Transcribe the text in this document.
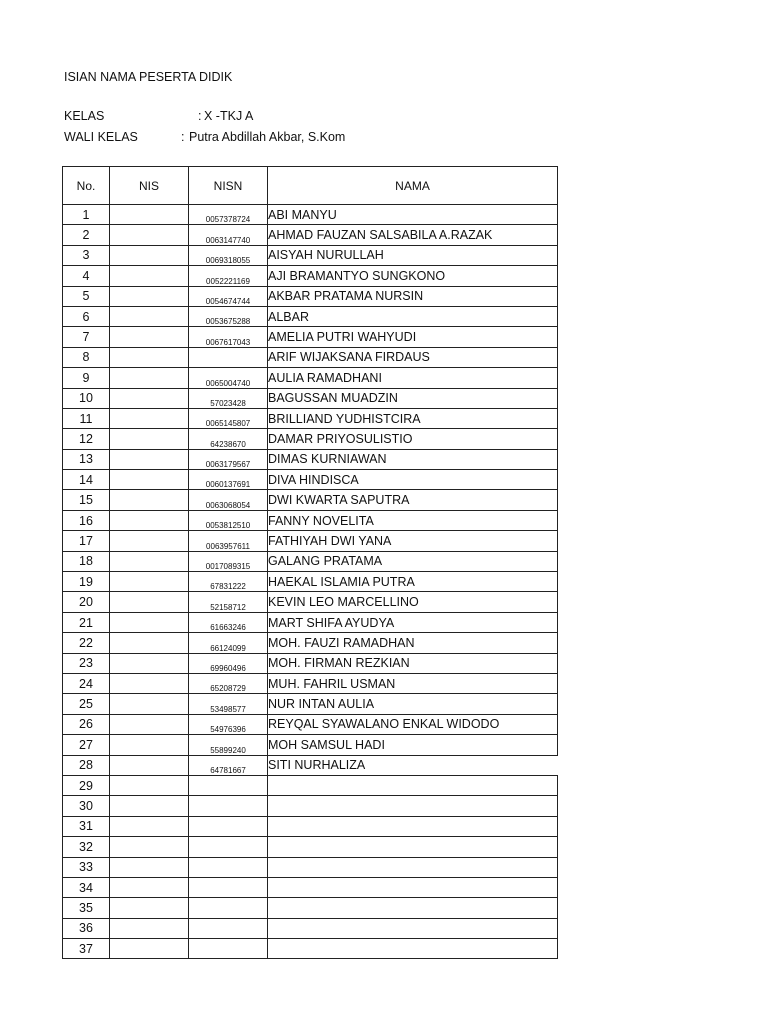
ISIAN NAMA PESERTA DIDIK
KELAS	: X -TKJ A
WALI KELAS	: Putra Abdillah Akbar, S.Kom
No.	NIS	NISN	NAMA
1		0057378724	ABI MANYU
2		0063147740	AHMAD FAUZAN SALSABILA A.RAZAK
3		0069318055	AISYAH NURULLAH
4		0052221169	AJI BRAMANTYO SUNGKONO
5		0054674744	AKBAR PRATAMA NURSIN
6		0053675288	ALBAR
7		0067617043	AMELIA PUTRI WAHYUDI
8			ARIF WIJAKSANA FIRDAUS
9		0065004740	AULIA RAMADHANI
10		57023428	BAGUSSAN MUADZIN
11		0065145807	BRILLIAND YUDHISTCIRA
12		64238670	DAMAR PRIYOSULISTIO
13		0063179567	DIMAS KURNIAWAN
14		0060137691	DIVA HINDISCA
15		0063068054	DWI KWARTA SAPUTRA
16		0053812510	FANNY NOVELITA
17		0063957611	FATHIYAH DWI YANA
18		0017089315	GALANG PRATAMA
19		67831222	HAEKAL ISLAMIA PUTRA
20		52158712	KEVIN LEO MARCELLINO
21		61663246	MART SHIFA AYUDYA
22		66124099	MOH. FAUZI RAMADHAN
23		69960496	MOH. FIRMAN REZKIAN
24		65208729	MUH. FAHRIL USMAN
25		53498577	NUR INTAN AULIA
26		54976396	REYQAL SYAWALANO ENKAL WIDODO
27		55899240	MOH SAMSUL HADI
28		64781667	SITI NURHALIZA
29			
30			
31			
32			
33			
34			
35			
36			
37			
